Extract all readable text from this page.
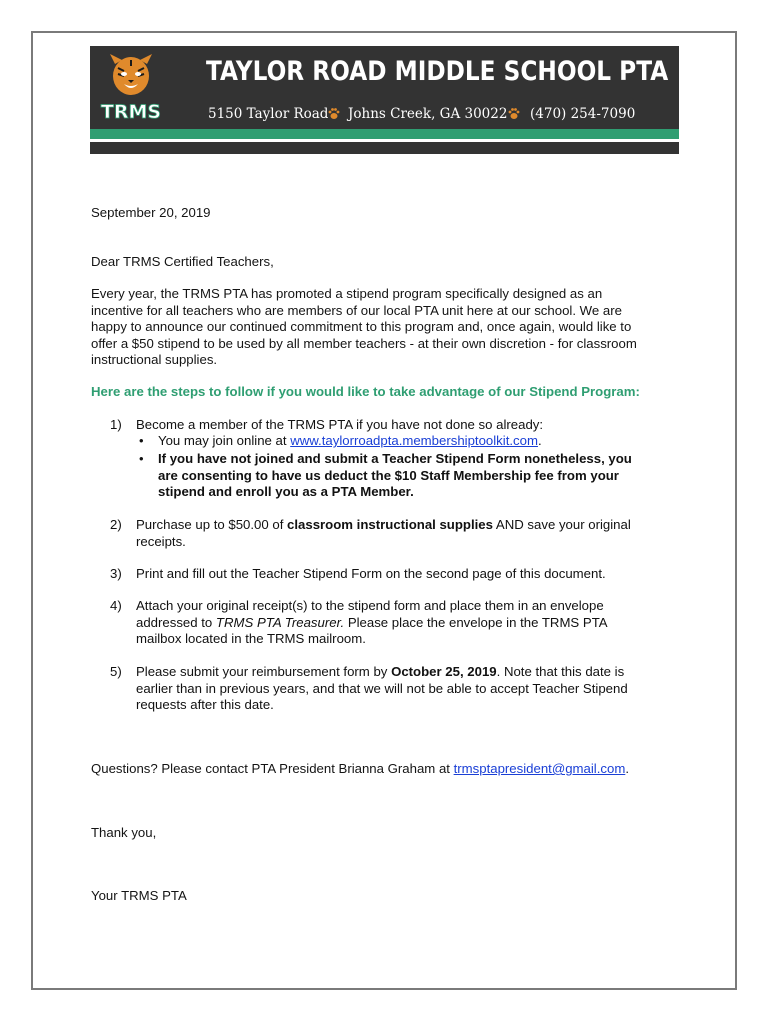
TRMS
TAYLOR ROAD MIDDLE SCHOOL PTA
5150 Taylor Road Johns Creek, GA 30022 (470) 254-7090
September 20, 2019
Dear TRMS Certified Teachers,
Every year, the TRMS PTA has promoted a stipend program specifically designed as an
incentive for all teachers who are members of our local PTA unit here at our school. We are
happy to announce our continued commitment to this program and, once again, would like to
offer a $50 stipend to be used by all member teachers - at their own discretion - for classroom
instructional supplies.
Here are the steps to follow if you would like to take advantage of our Stipend Program:
1) Become a member of the TRMS PTA if you have not done so already:
• You may join online at www.taylorroadpta.membershiptoolkit.com.
• If you have not joined and submit a Teacher Stipend Form nonetheless, you
are consenting to have us deduct the $10 Staff Membership fee from your
stipend and enroll you as a PTA Member.
2) Purchase up to $50.00 of classroom instructional supplies AND save your original
receipts.
3) Print and fill out the Teacher Stipend Form on the second page of this document.
4) Attach your original receipt(s) to the stipend form and place them in an envelope
addressed to TRMS PTA Treasurer. Please place the envelope in the TRMS PTA
mailbox located in the TRMS mailroom.
5) Please submit your reimbursement form by October 25, 2019. Note that this date is
earlier than in previous years, and that we will not be able to accept Teacher Stipend
requests after this date.
Questions? Please contact PTA President Brianna Graham at trmsptapresident@gmail.com.
Thank you,
Your TRMS PTA
